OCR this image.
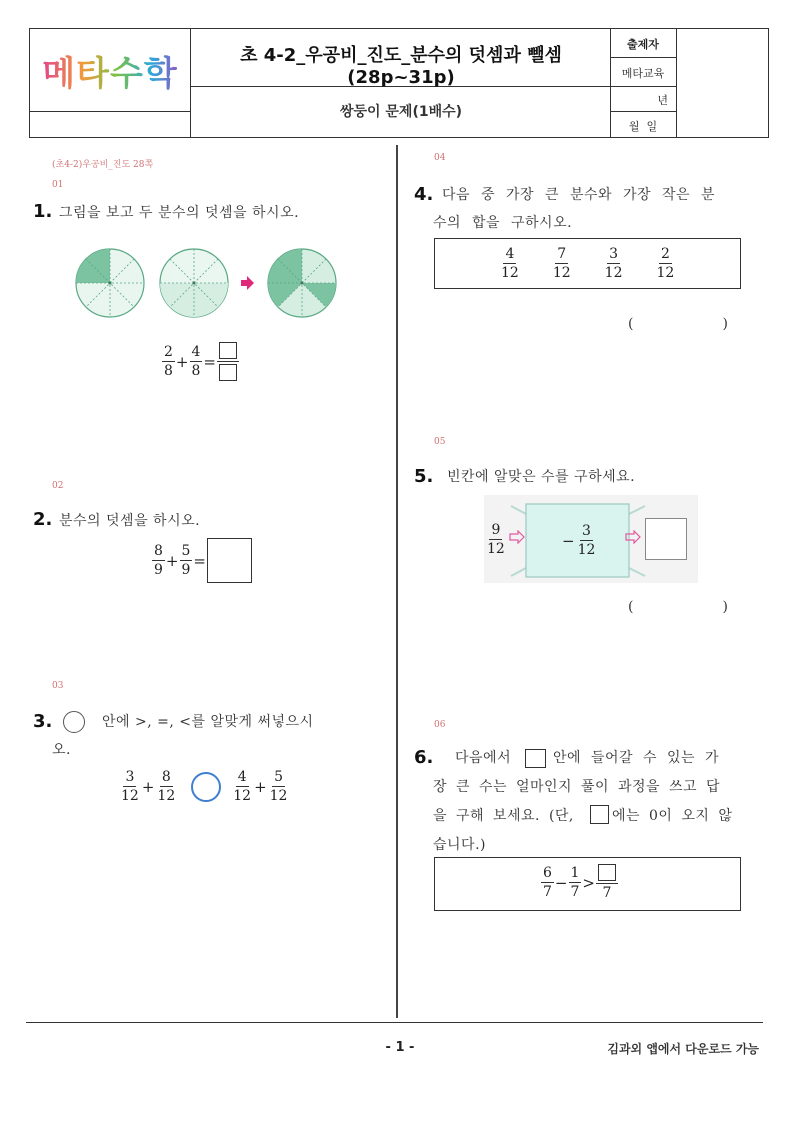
메타수학	초 4-2_우공비_진도_분수의 덧셈과 뺄셈(28p~31p)
쌍둥이 문제(1배수)
출제자
메타교육
년
월  일
(초4-2)우공비_진도 28쪽
01
1. 그림을 보고 두 분수의 덧셈을 하시오.
$\frac{2}{8} + \frac{4}{8}$ =
02
2. 분수의 덧셈을 하시오.
$\frac{8}{9} + \frac{5}{9}$ =
03
3.	안에 >, =, <를 알맞게 써넣으시
오.
$\frac{3}{12} + \frac{8}{12}$	$\frac{4}{12} + \frac{5}{12}$
04
4. 다음 중 가장 큰 분수와 가장 작은 분
수의 합을 구하시오.
$\frac{4}{12} \frac{7}{12} \frac{3}{12} \frac{2}{12}$
(                    )
05
5. 빈칸에 알맞은 수를 구하세요.
$\frac{9}{12}$	− $\frac{3}{12}$
(                    )
06
6. 다음에서	안에 들어갈 수 있는 가
장 큰 수는 얼마인지 풀이 과정을 쓰고 답
을 구해 보세요. (단,	에는 0이 오지 않
습니다.)
$\frac{6}{7} - \frac{1}{7}$ >
7
- 1 -	김과외 앱에서 다운로드 가능
